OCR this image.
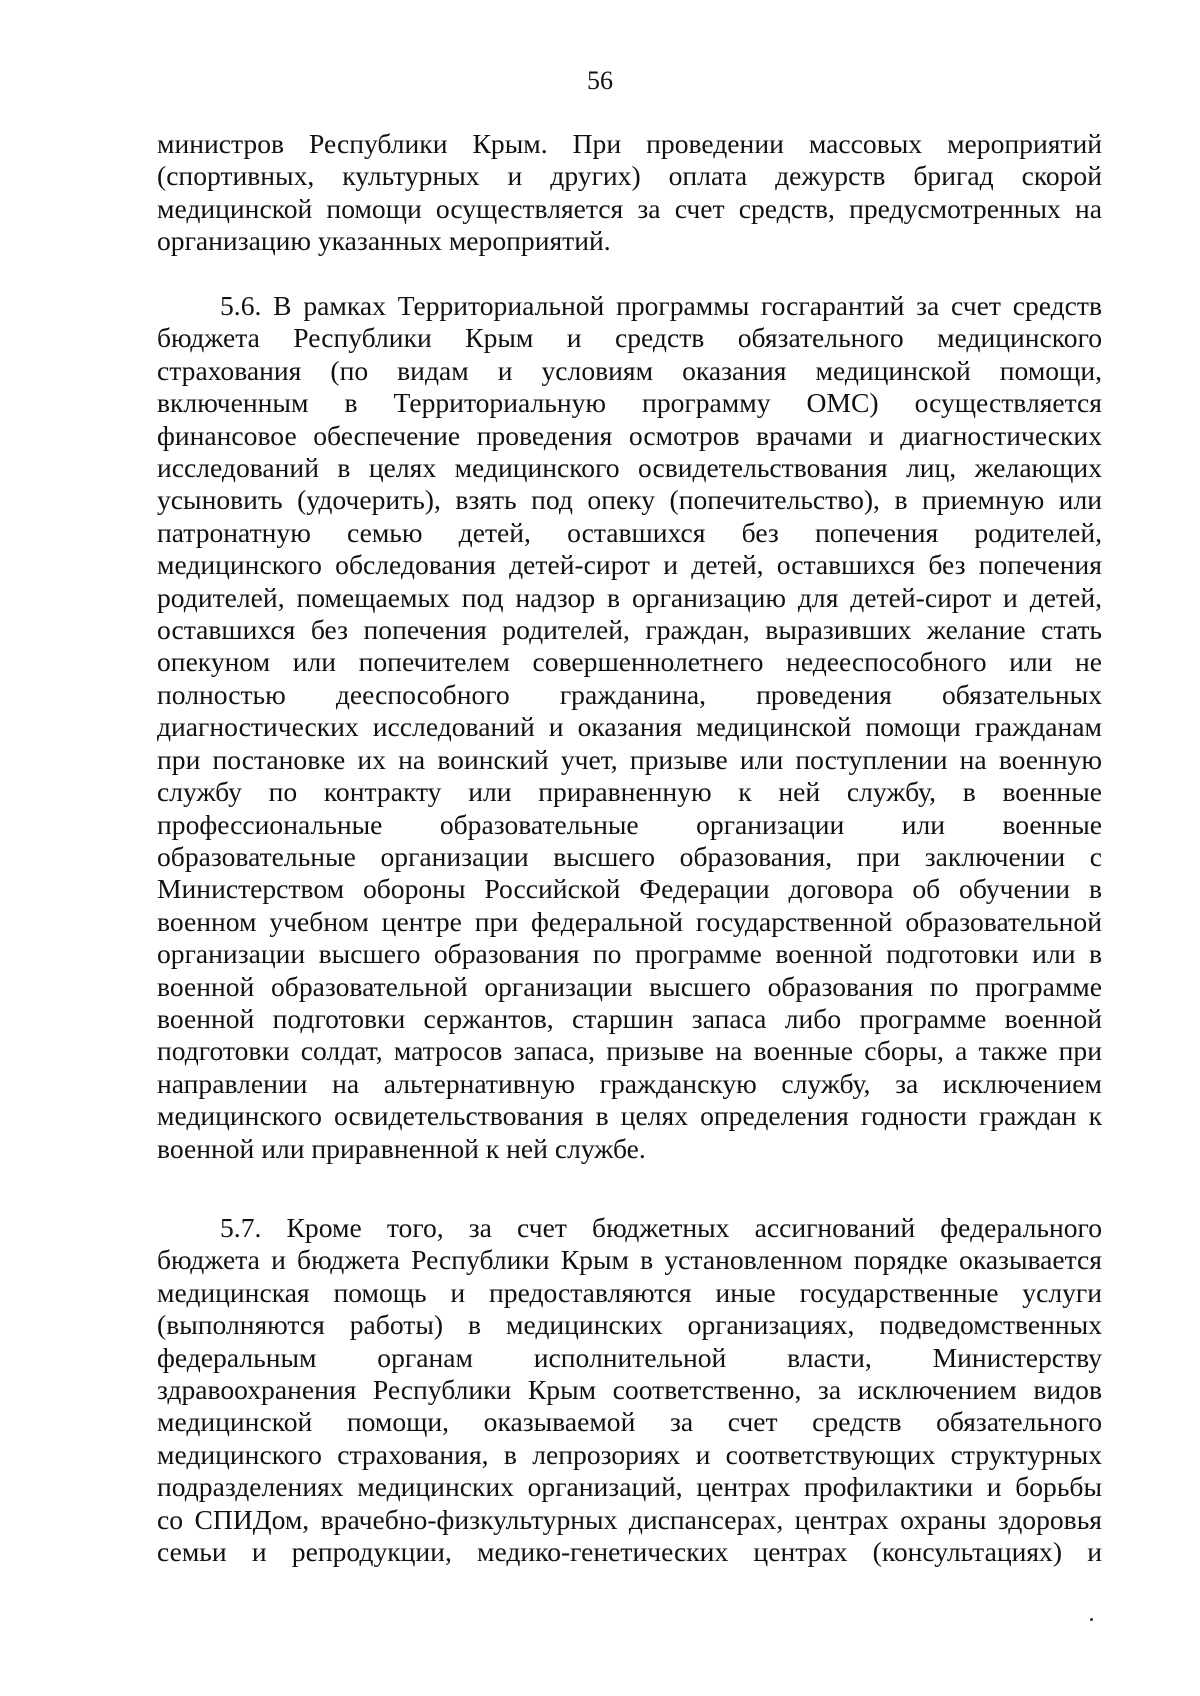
56
министров Республики Крым. При проведении массовых мероприятий
(спортивных, культурных и других) оплата дежурств бригад скорой
медицинской помощи осуществляется за счет средств, предусмотренных на
организацию указанных мероприятий.
5.6. В рамках Территориальной программы госгарантий за счет средств
бюджета Республики Крым и средств обязательного медицинского
страхования (по видам и условиям оказания медицинской помощи,
включенным в Территориальную программу ОМС) осуществляется
финансовое обеспечение проведения осмотров врачами и диагностических
исследований в целях медицинского освидетельствования лиц, желающих
усыновить (удочерить), взять под опеку (попечительство), в приемную или
патронатную семью детей, оставшихся без попечения родителей,
медицинского обследования детей-сирот и детей, оставшихся без попечения
родителей, помещаемых под надзор в организацию для детей-сирот и детей,
оставшихся без попечения родителей, граждан, выразивших желание стать
опекуном или попечителем совершеннолетнего недееспособного или не
полностью дееспособного гражданина, проведения обязательных
диагностических исследований и оказания медицинской помощи гражданам
при постановке их на воинский учет, призыве или поступлении на военную
службу по контракту или приравненную к ней службу, в военные
профессиональные образовательные организации или военные
образовательные организации высшего образования, при заключении с
Министерством обороны Российской Федерации договора об обучении в
военном учебном центре при федеральной государственной образовательной
организации высшего образования по программе военной подготовки или в
военной образовательной организации высшего образования по программе
военной подготовки сержантов, старшин запаса либо программе военной
подготовки солдат, матросов запаса, призыве на военные сборы, а также при
направлении на альтернативную гражданскую службу, за исключением
медицинского освидетельствования в целях определения годности граждан к
военной или приравненной к ней службе.
5.7. Кроме того, за счет бюджетных ассигнований федерального
бюджета и бюджета Республики Крым в установленном порядке оказывается
медицинская помощь и предоставляются иные государственные услуги
(выполняются работы) в медицинских организациях, подведомственных
федеральным органам исполнительной власти, Министерству
здравоохранения Республики Крым соответственно, за исключением видов
медицинской помощи, оказываемой за счет средств обязательного
медицинского страхования, в лепрозориях и соответствующих структурных
подразделениях медицинских организаций, центрах профилактики и борьбы
со СПИДом, врачебно-физкультурных диспансерах, центрах охраны здоровья
семьи и репродукции, медико-генетических центрах (консультациях) и
